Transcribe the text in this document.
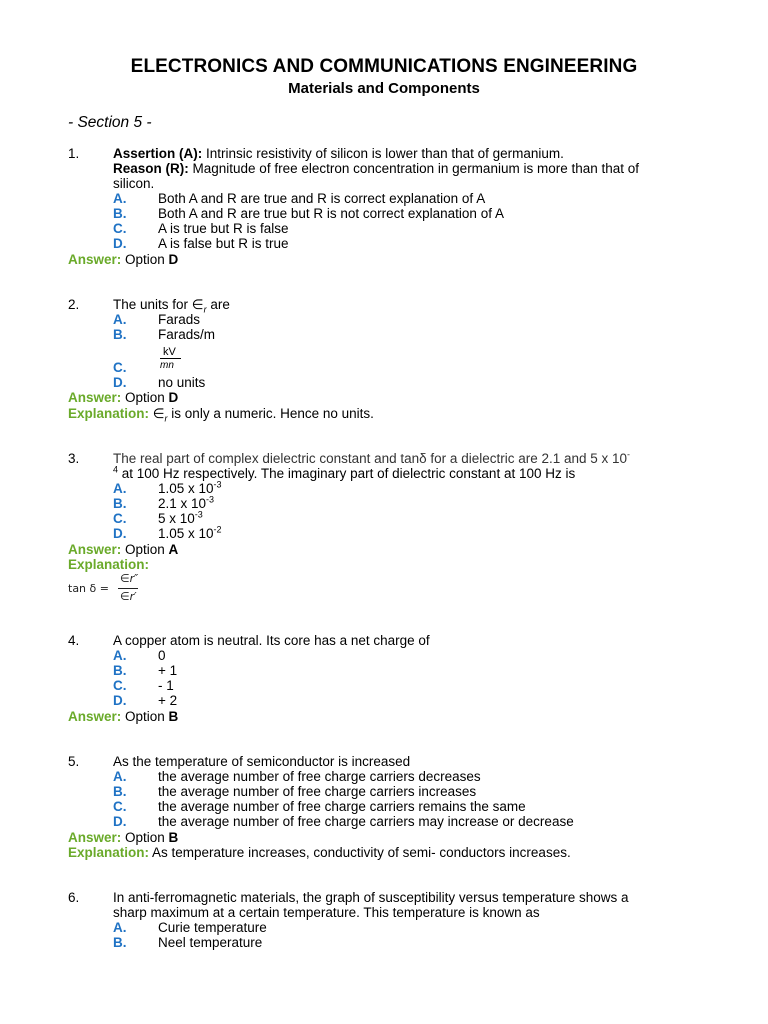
ELECTRONICS AND COMMUNICATIONS ENGINEERING
Materials and Components
- Section 5 -
1. Assertion (A): Intrinsic resistivity of silicon is lower than that of germanium.
Reason (R): Magnitude of free electron concentration in germanium is more than that of
silicon.
A.	Both A and R are true and R is correct explanation of A
B.	Both A and R are true but R is not correct explanation of A
C.	A is true but R is false
D.	A is false but R is true
Answer: Option D
2. The units for $\in_r$ are
A.	Farads
B.	Farads/m
kV
mn
C.
D.	no units
Answer: Option D
Explanation: $\in_r$ is only a numeric. Hence no units.
3. The real part of complex dielectric constant and tanδ for a dielectric are 2.1 and 5 x 10-
$^4$ at 100 Hz respectively. The imaginary part of dielectric constant at 100 Hz is
A.	1.05 x $10^{-3}$
B.	2.1 x $10^{-3}$
C.	5 x $10^{-3}$
D.	1.05 x $10^{-2}$
Answer: Option A
Explanation:
tan δ =
∈r″
∈r′
4. A copper atom is neutral. Its core has a net charge of
A.	0
B.	+ 1
C.	- 1
D.	+ 2
Answer: Option B
5. As the temperature of semiconductor is increased
A.	the average number of free charge carriers decreases
B.	the average number of free charge carriers increases
C.	the average number of free charge carriers remains the same
D.	the average number of free charge carriers may increase or decrease
Answer: Option B
Explanation: As temperature increases, conductivity of semi- conductors increases.
6. In anti-ferromagnetic materials, the graph of susceptibility versus temperature shows a
sharp maximum at a certain temperature. This temperature is known as
A.	Curie temperature
B.	Neel temperature
